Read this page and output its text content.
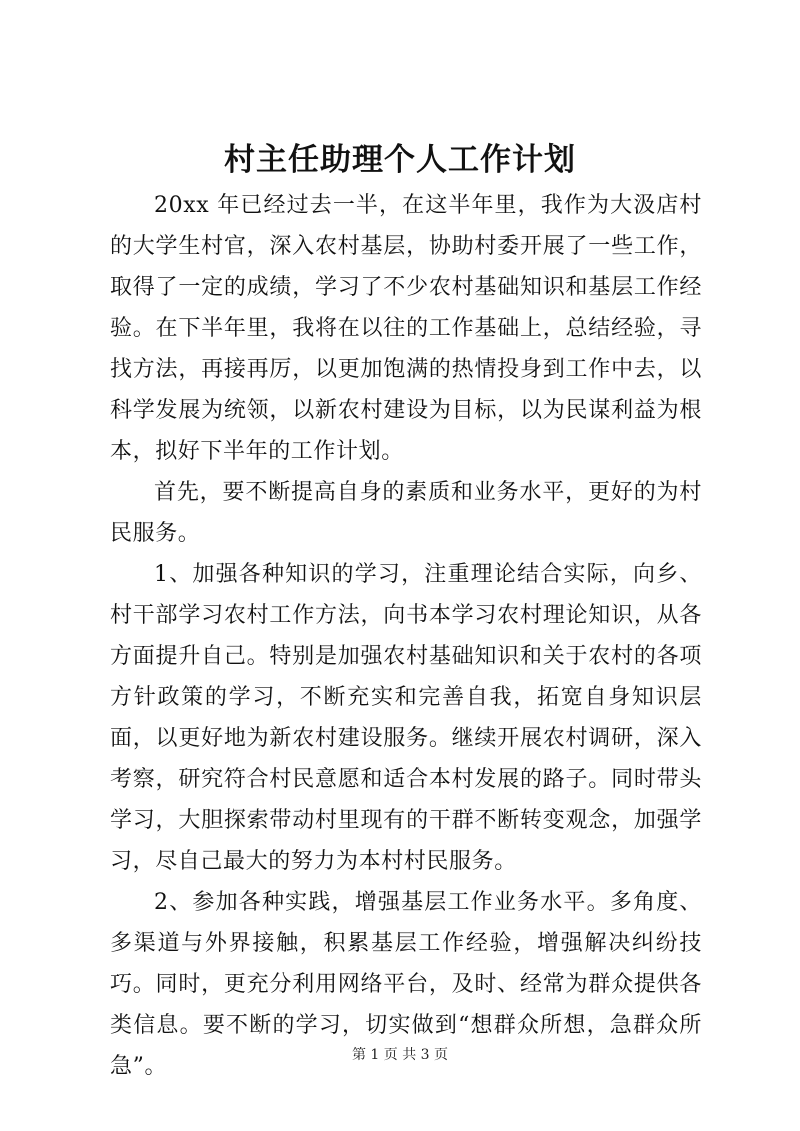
村主任助理个人工作计划

20xx 年已经过去一半，在这半年里，我作为大汲店村的大学生村官，深入农村基层，协助村委开展了一些工作，取得了一定的成绩，学习了不少农村基础知识和基层工作经验。在下半年里，我将在以往的工作基础上，总结经验，寻找方法，再接再厉，以更加饱满的热情投身到工作中去，以科学发展为统领，以新农村建设为目标，以为民谋利益为根本，拟好下半年的工作计划。

首先，要不断提高自身的素质和业务水平，更好的为村民服务。

1、加强各种知识的学习，注重理论结合实际，向乡、村干部学习农村工作方法，向书本学习农村理论知识，从各方面提升自己。特别是加强农村基础知识和关于农村的各项方针政策的学习，不断充实和完善自我，拓宽自身知识层面，以更好地为新农村建设服务。继续开展农村调研，深入考察，研究符合村民意愿和适合本村发展的路子。同时带头学习，大胆探索带动村里现有的干群不断转变观念，加强学习，尽自己最大的努力为本村村民服务。

2、参加各种实践，增强基层工作业务水平。多角度、多渠道与外界接触，积累基层工作经验，增强解决纠纷技巧。同时，更充分利用网络平台，及时、经常为群众提供各类信息。要不断的学习，切实做到“想群众所想，急群众所急”。	第 1 页 共 3 页
